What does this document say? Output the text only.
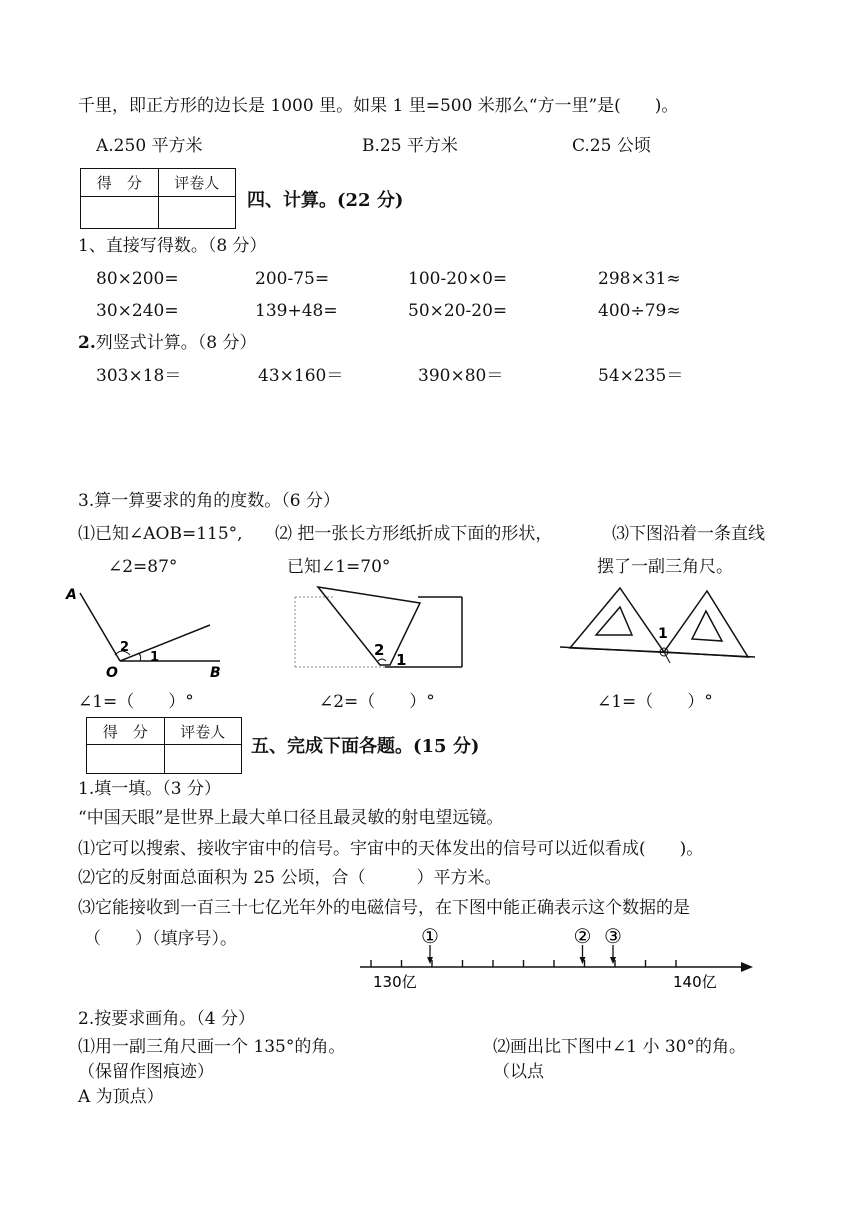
千里，即正方形的边长是 1000 里。如果 1 里=500 米那么“方一里”是(　　)。
A.250 平方米	B.25 平方米	C.25 公顷
得　分	评卷人

四、计算。(22 分)
1、直接写得数。（8 分）
80×200=	200-75=	100-20×0=	298×31≈
30×240=	139+48=	50×20-20=	400÷79≈
2.列竖式计算。（8 分）
303×18＝	43×160＝	390×80＝	54×235＝
3.算一算要求的角的度数。（6 分）
⑴已知∠AOB=115°,
∠2=87°
⑵ 把一张长方形纸折成下面的形状，
已知∠1=70°
⑶下图沿着一条直线
摆了一副三角尺。
A
O	B
2
1	2
1
1
∠1=（　　）°	∠2=（　　）°	∠1=（　　）°
得　分	评卷人

五、完成下面各题。(15 分)
1.填一填。（3 分）
“中国天眼”是世界上最大单口径且最灵敏的射电望远镜。
⑴它可以搜索、接收宇宙中的信号。宇宙中的天体发出的信号可以近似看成(　　)。
⑵它的反射面总面积为 25 公顷，合（　　　）平方米。
⑶它能接收到一百三十七亿光年外的电磁信号，在下图中能正确表示这个数据的是
（　　）（填序号）。	①	② ③
130亿	140亿
2.按要求画角。（4 分）
⑴用一副三角尺画一个 135°的角。
（保留作图痕迹）
⑵画出比下图中∠1 小 30°的角。
（以点
A 为顶点）
